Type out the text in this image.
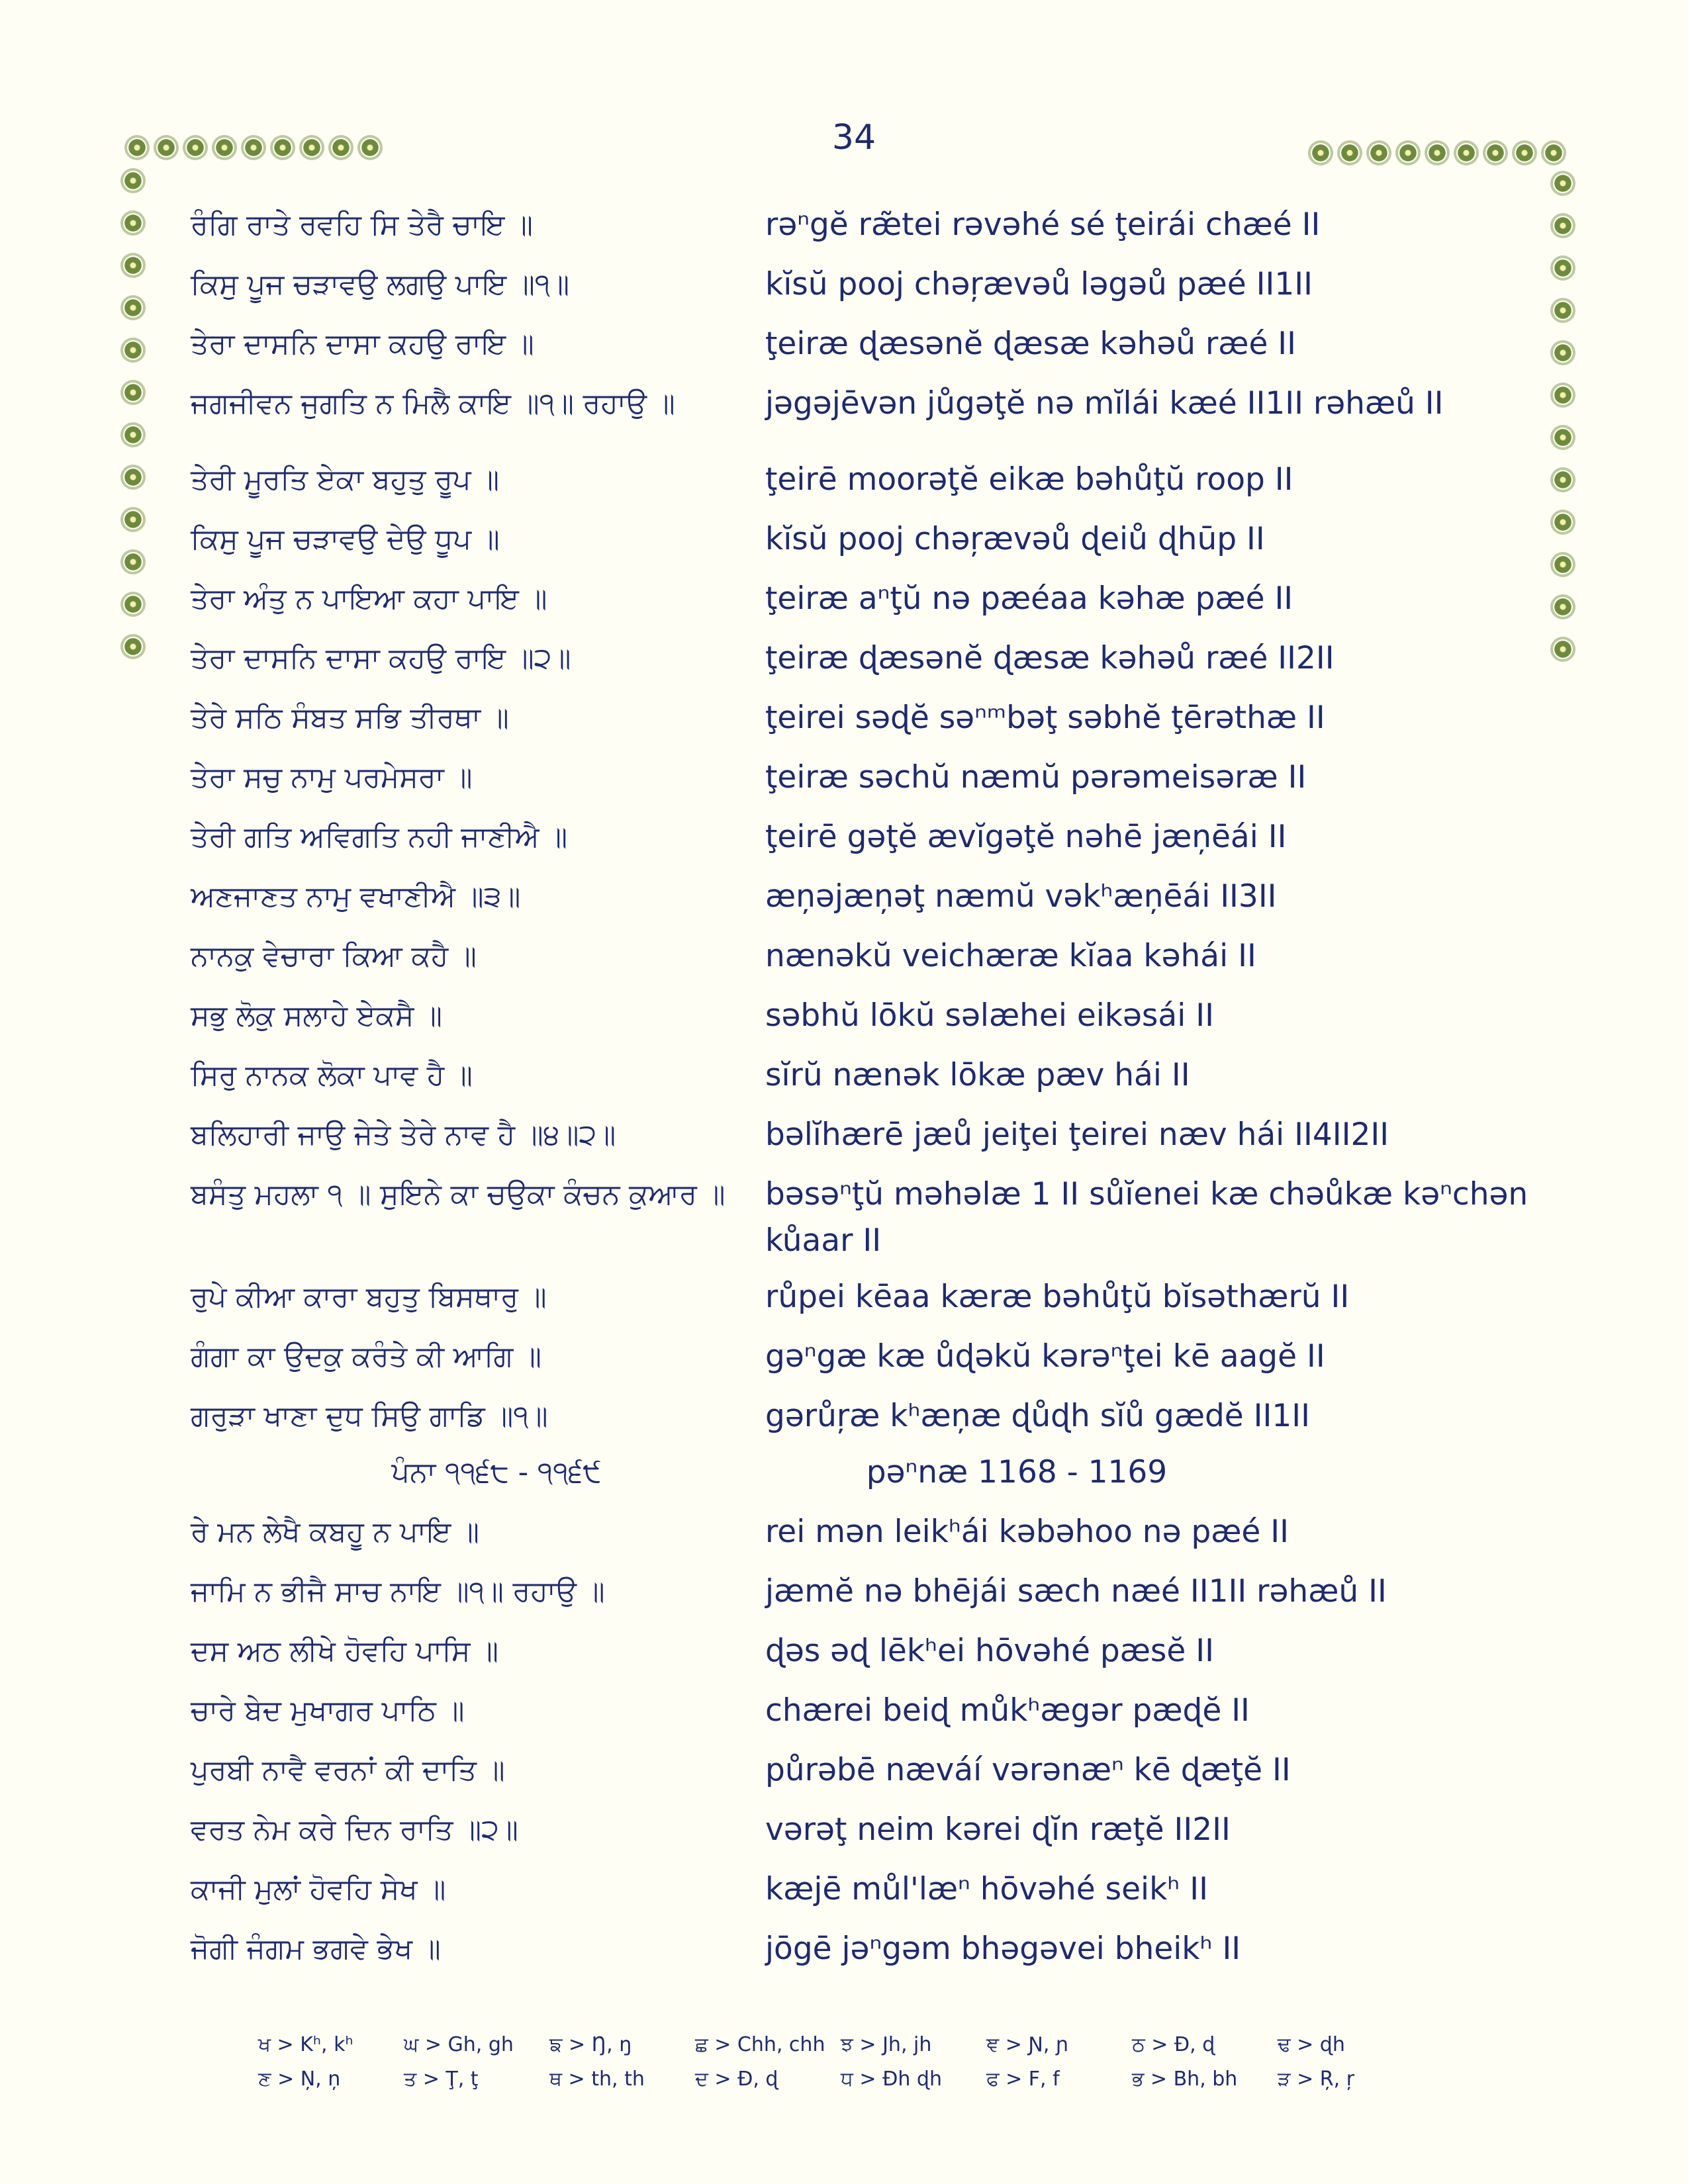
34
ਰੰਗਿ ਰਾਤੇ ਰਵਹਿ ਸਿ ਤੇਰੈ ਚਾਇ ॥	rəⁿgĕ ræ̃tei rəvəhé sé ţeirái chæé II
ਕਿਸੁ ਪੂਜ ਚੜਾਵਉ ਲਗਉ ਪਾਇ ॥੧॥	kĭsŭ pooj chəŗævəů ləgəů pæé II1II
ਤੇਰਾ ਦਾਸਨਿ ਦਾਸਾ ਕਹਉ ਰਾਇ ॥	ţeiræ ɖæsənĕ ɖæsæ kəhəů ræé II
ਜਗਜੀਵਨ ਜੁਗਤਿ ਨ ਮਿਲੈ ਕਾਇ ॥੧॥ ਰਹਾਉ ॥	jəgəjēvən jůgəţĕ nə mĭlái kæé II1II rəhæů II
ਤੇਰੀ ਮੂਰਤਿ ਏਕਾ ਬਹੁਤੁ ਰੂਪ ॥	ţeirē moorəţĕ eikæ bəhůţŭ roop II
ਕਿਸੁ ਪੂਜ ਚੜਾਵਉ ਦੇਉ ਧੂਪ ॥	kĭsŭ pooj chəŗævəů ɖeiů ɖhūp II
ਤੇਰਾ ਅੰਤੁ ਨ ਪਾਇਆ ਕਹਾ ਪਾਇ ॥	ţeiræ aⁿţŭ nə pæéaa kəhæ pæé II
ਤੇਰਾ ਦਾਸਨਿ ਦਾਸਾ ਕਹਉ ਰਾਇ ॥੨॥	ţeiræ ɖæsənĕ ɖæsæ kəhəů ræé II2II
ਤੇਰੇ ਸਠਿ ਸੰਬਤ ਸਭਿ ਤੀਰਥਾ ॥	ţeirei səɖĕ səⁿᵐbəţ səbhĕ ţērəthæ II
ਤੇਰਾ ਸਚੁ ਨਾਮੁ ਪਰਮੇਸਰਾ ॥	ţeiræ səchŭ næmŭ pərəmeisəræ II
ਤੇਰੀ ਗਤਿ ਅਵਿਗਤਿ ਨਹੀ ਜਾਣੀਐ ॥	ţeirē gəţĕ ævĭgəţĕ nəhē jæņēái II
ਅਣਜਾਣਤ ਨਾਮੁ ਵਖਾਣੀਐ ॥੩॥	æņəjæņəţ næmŭ vəkʰæņēái II3II
ਨਾਨਕੁ ਵੇਚਾਰਾ ਕਿਆ ਕਹੈ ॥	nænəkŭ veichæræ kĭaa kəhái II
ਸਭੁ ਲੋਕੁ ਸਲਾਹੇ ਏਕਸੈ ॥	səbhŭ lōkŭ səlæhei eikəsái II
ਸਿਰੁ ਨਾਨਕ ਲੋਕਾ ਪਾਵ ਹੈ ॥	sĭrŭ nænək lōkæ pæv hái II
ਬਲਿਹਾਰੀ ਜਾਉ ਜੇਤੇ ਤੇਰੇ ਨਾਵ ਹੈ ॥੪॥੨॥	bəlĭhærē jæů jeiţei ţeirei næv hái II4II2II
ਬਸੰਤੁ ਮਹਲਾ ੧ ॥ ਸੁਇਨੇ ਕਾ ਚਉਕਾ ਕੰਚਨ ਕੁਆਰ ॥	bəsəⁿţŭ məhəlæ 1 II sůĭenei kæ chəůkæ kəⁿchən kůaar II
ਰੁਪੇ ਕੀਆ ਕਾਰਾ ਬਹੁਤੁ ਬਿਸਥਾਰੁ ॥	růpei kēaa kæræ bəhůţŭ bĭsəthærŭ II
ਗੰਗਾ ਕਾ ਉਦਕੁ ਕਰੰਤੇ ਕੀ ਆਗਿ ॥	gəⁿgæ kæ ůɖəkŭ kərəⁿţei kē aagĕ II
ਗਰੁੜਾ ਖਾਣਾ ਦੁਧ ਸਿਉ ਗਾਡਿ ॥੧॥	gərůŗæ kʰæņæ ɖůɖh sĭů gædĕ II1II
ਪੰਨਾ ੧੧੬੮ - ੧੧੬੯	pəⁿnæ 1168 - 1169
ਰੇ ਮਨ ਲੇਖੈ ਕਬਹੂ ਨ ਪਾਇ ॥	rei mən leikʰái kəbəhoo nə pæé II
ਜਾਮਿ ਨ ਭੀਜੈ ਸਾਚ ਨਾਇ ॥੧॥ ਰਹਾਉ ॥	jæmĕ nə bhējái sæch næé II1II rəhæů II
ਦਸ ਅਠ ਲੀਖੇ ਹੋਵਹਿ ਪਾਸਿ ॥	ɖəs əɖ lēkʰei hōvəhé pæsĕ II
ਚਾਰੇ ਬੇਦ ਮੁਖਾਗਰ ਪਾਠਿ ॥	chærei beiɖ můkʰægər pæɖĕ II
ਪੁਰਬੀ ਨਾਵੈ ਵਰਨਾਂ ਕੀ ਦਾਤਿ ॥	půrəbē næváí vərənæⁿ kē ɖæţĕ II
ਵਰਤ ਨੇਮ ਕਰੇ ਦਿਨ ਰਾਤਿ ॥੨॥	vərəţ neim kərei ɖĭn ræţĕ II2II
ਕਾਜੀ ਮੁਲਾਂ ਹੋਵਹਿ ਸੇਖ ॥	kæjē můl'læⁿ hōvəhé seikʰ II
ਜੋਗੀ ਜੰਗਮ ਭਗਵੇ ਭੇਖ ॥	jōgē jəⁿgəm bhəgəvei bheikʰ II
ਖ > Kʰ, kʰ	ਘ > Gh, gh	ਙ > Ŋ, ŋ	ਛ > Chh, chh ਝ > Jh, jh	ਞ > Ɲ, ɲ	ਠ > Ɖ, ɖ	ਢ > ɖh
ਣ > Ņ, ņ	ਤ > Ţ, ţ	ਥ > th, th	ਦ > Ɖ, ɖ	ਧ > Ɖh ɖh	ਫ > F, f	ਭ > Bh, bh	ੜ > Ŗ, ŗ
